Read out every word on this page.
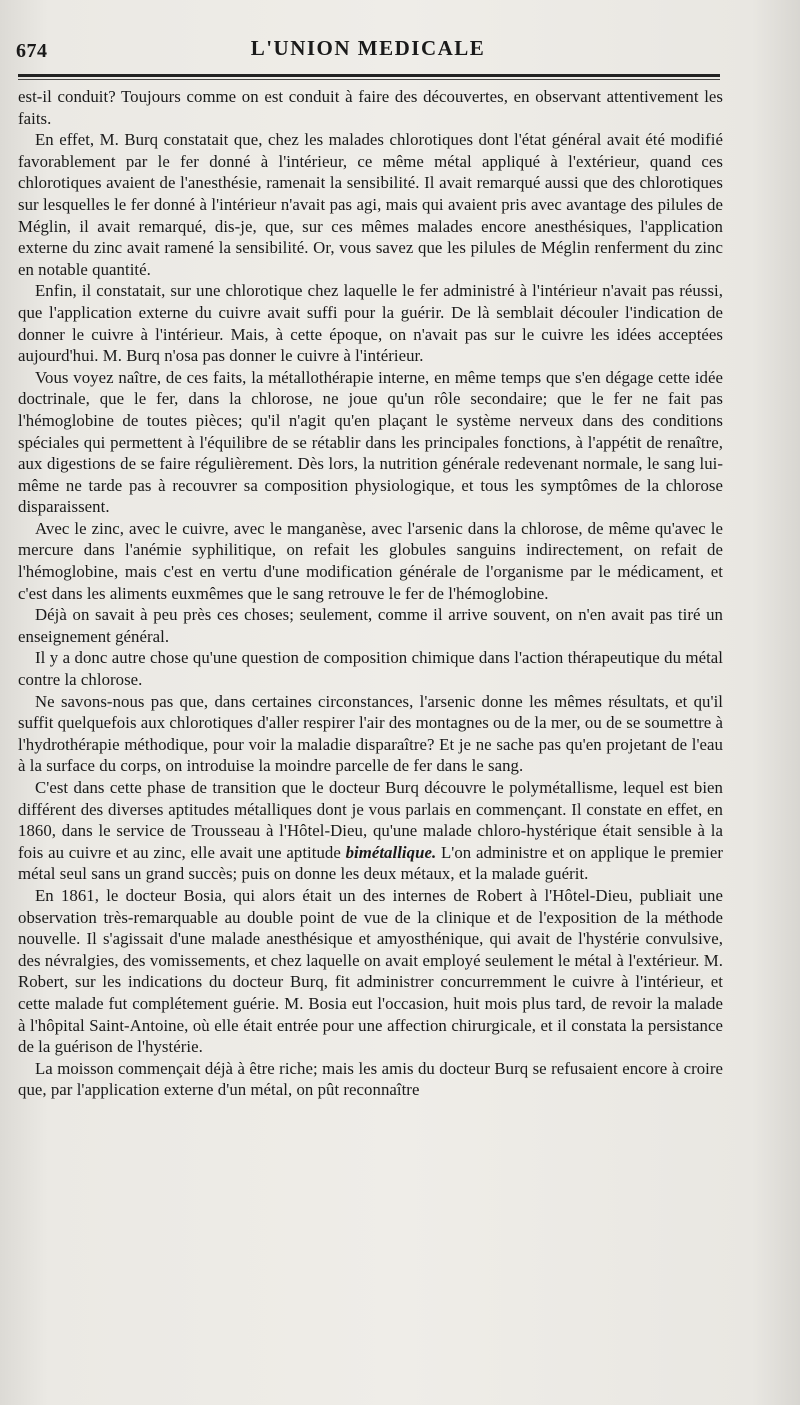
674	L'UNION MEDICALE

est-il conduit? Toujours comme on est conduit à faire des découvertes, en observant attentivement les faits.

En effet, M. Burq constatait que, chez les malades chlorotiques dont l'état général avait été modifié favorablement par le fer donné à l'intérieur, ce même métal appliqué à l'extérieur, quand ces chlorotiques avaient de l'anesthésie, ramenait la sensibilité. Il avait remarqué aussi que des chlorotiques sur lesquelles le fer donné à l'intérieur n'avait pas agi, mais qui avaient pris avec avantage des pilules de Méglin, il avait remarqué, dis-je, que, sur ces mêmes malades encore anesthésiques, l'application externe du zinc avait ramené la sensibilité. Or, vous savez que les pilules de Méglin renferment du zinc en notable quantité.

Enfin, il constatait, sur une chlorotique chez laquelle le fer administré à l'intérieur n'avait pas réussi, que l'application externe du cuivre avait suffi pour la guérir. De là semblait découler l'indication de donner le cuivre à l'intérieur. Mais, à cette époque, on n'avait pas sur le cuivre les idées acceptées aujourd'hui. M. Burq n'osa pas donner le cuivre à l'intérieur.

Vous voyez naître, de ces faits, la métallothérapie interne, en même temps que s'en dégage cette idée doctrinale, que le fer, dans la chlorose, ne joue qu'un rôle secondaire; que le fer ne fait pas l'hémoglobine de toutes pièces; qu'il n'agit qu'en plaçant le système nerveux dans des conditions spéciales qui permettent à l'équilibre de se rétablir dans les principales fonctions, à l'appétit de renaître, aux digestions de se faire régulièrement. Dès lors, la nutrition générale redevenant normale, le sang lui-même ne tarde pas à recouvrer sa composition physiologique, et tous les symptômes de la chlorose disparaissent.

Avec le zinc, avec le cuivre, avec le manganèse, avec l'arsenic dans la chlorose, de même qu'avec le mercure dans l'anémie syphilitique, on refait les globules sanguins indirectement, on refait de l'hémoglobine, mais c'est en vertu d'une modification générale de l'organisme par le médicament, et c'est dans les aliments euxmêmes que le sang retrouve le fer de l'hémoglobine.

Déjà on savait à peu près ces choses; seulement, comme il arrive souvent, on n'en avait pas tiré un enseignement général.

Il y a donc autre chose qu'une question de composition chimique dans l'action thérapeutique du métal contre la chlorose.

Ne savons-nous pas que, dans certaines circonstances, l'arsenic donne les mêmes résultats, et qu'il suffit quelquefois aux chlorotiques d'aller respirer l'air des montagnes ou de la mer, ou de se soumettre à l'hydrothérapie méthodique, pour voir la maladie disparaître? Et je ne sache pas qu'en projetant de l'eau à la surface du corps, on introduise la moindre parcelle de fer dans le sang.

C'est dans cette phase de transition que le docteur Burq découvre le polymétallisme, lequel est bien différent des diverses aptitudes métalliques dont je vous parlais en commençant. Il constate en effet, en 1860, dans le service de Trousseau à l'Hôtel-Dieu, qu'une malade chloro-hystérique était sensible à la fois au cuivre et au zinc, elle avait une aptitude bimétallique. L'on administre et on applique le premier métal seul sans un grand succès; puis on donne les deux métaux, et la malade guérit.

En 1861, le docteur Bosia, qui alors était un des internes de Robert à l'Hôtel-Dieu, publiait une observation très-remarquable au double point de vue de la clinique et de l'exposition de la méthode nouvelle. Il s'agissait d'une malade anesthésique et amyosthénique, qui avait de l'hystérie convulsive, des névralgies, des vomissements, et chez laquelle on avait employé seulement le métal à l'extérieur. M. Robert, sur les indications du docteur Burq, fit administrer concurremment le cuivre à l'intérieur, et cette malade fut complétement guérie. M. Bosia eut l'occasion, huit mois plus tard, de revoir la malade à l'hôpital Saint-Antoine, où elle était entrée pour une affection chirurgicale, et il constata la persistance de la guérison de l'hystérie.

La moisson commençait déjà à être riche; mais les amis du docteur Burq se refusaient encore à croire que, par l'application externe d'un métal, on pût reconnaître
